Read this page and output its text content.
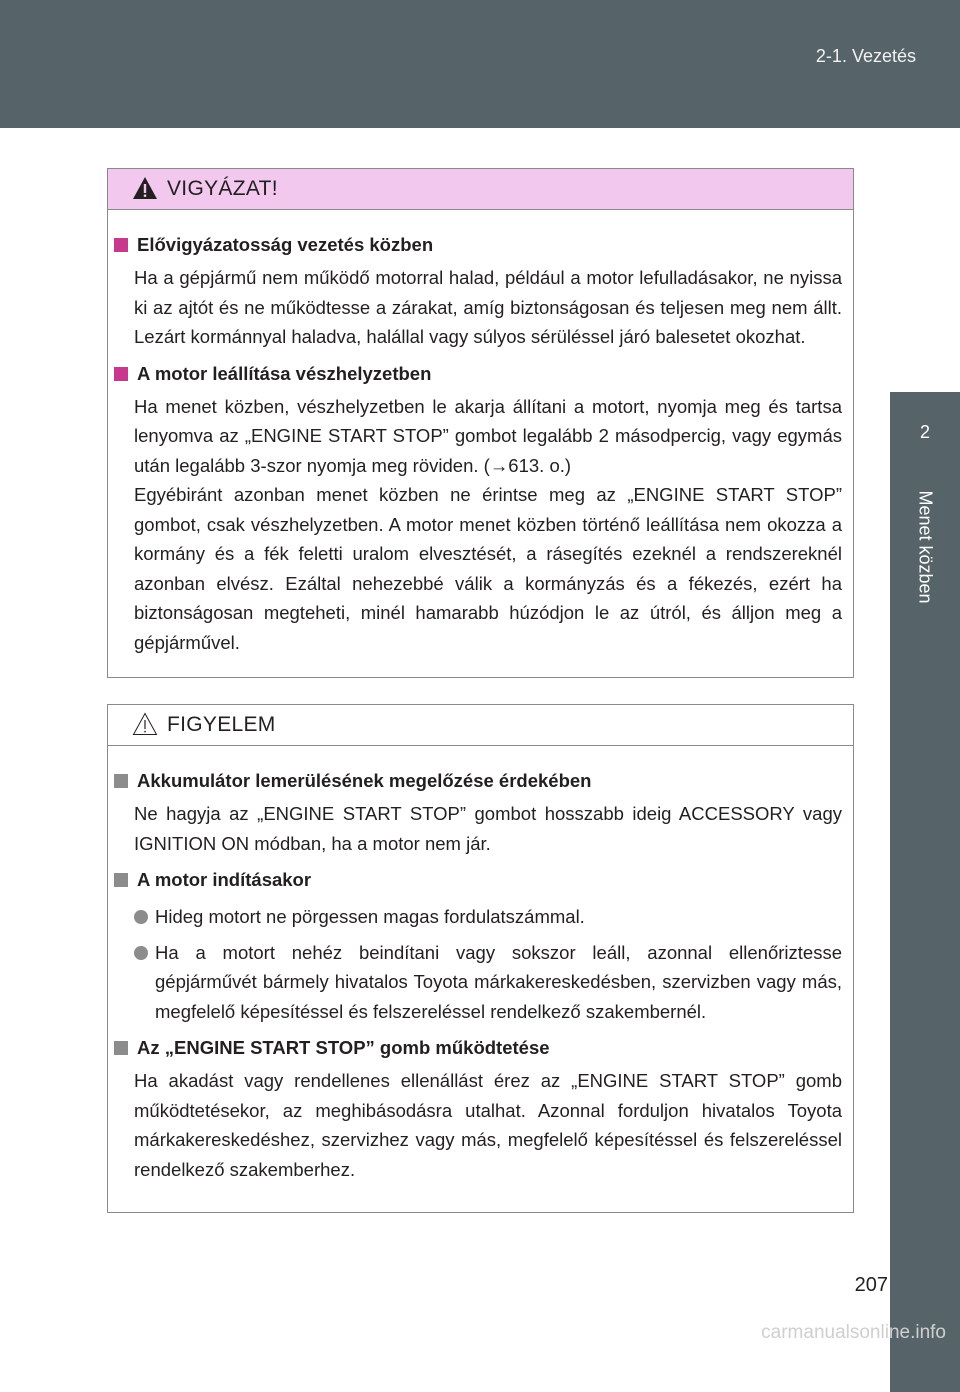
2-1. Vezetés
2
Menet közben
VIGYÁZAT!
Elővigyázatosság vezetés közben

Ha a gépjármű nem működő motorral halad, például a motor lefulladásakor, ne nyissa ki az ajtót és ne működtesse a zárakat, amíg biztonságosan és teljesen meg nem állt. Lezárt kormánnyal haladva, halállal vagy súlyos sérüléssel járó balesetet okozhat.

A motor leállítása vészhelyzetben

Ha menet közben, vészhelyzetben le akarja állítani a motort, nyomja meg és tartsa lenyomva az „ENGINE START STOP” gombot legalább 2 másodpercig, vagy egymás után legalább 3-szor nyomja meg röviden. (→613. o.)

Egyébiránt azonban menet közben ne érintse meg az „ENGINE START STOP” gombot, csak vészhelyzetben. A motor menet közben történő leállítása nem okozza a kormány és a fék feletti uralom elvesztését, a rásegítés ezeknél a rendszereknél azonban elvész. Ezáltal nehezebbé válik a kormányzás és a fékezés, ezért ha biztonságosan megteheti, minél hamarabb húzódjon le az útról, és álljon meg a gépjárművel.

FIGYELEM
Akkumulátor lemerülésének megelőzése érdekében

Ne hagyja az „ENGINE START STOP” gombot hosszabb ideig ACCESSORY vagy IGNITION ON módban, ha a motor nem jár.

A motor indításakor
Hideg motort ne pörgessen magas fordulatszámmal.
Ha a motort nehéz beindítani vagy sokszor leáll, azonnal ellenőriztesse gépjárművét bármely hivatalos Toyota márkakereskedésben, szervizben vagy más, megfelelő képesítéssel és felszereléssel rendelkező szakembernél.
Az „ENGINE START STOP” gomb működtetése

Ha akadást vagy rendellenes ellenállást érez az „ENGINE START STOP” gomb működtetésekor, az meghibásodásra utalhat. Azonnal forduljon hivatalos Toyota márkakereskedéshez, szervizhez vagy más, megfelelő képesítéssel és felszereléssel rendelkező szakemberhez.

207
carmanualsonline.info
